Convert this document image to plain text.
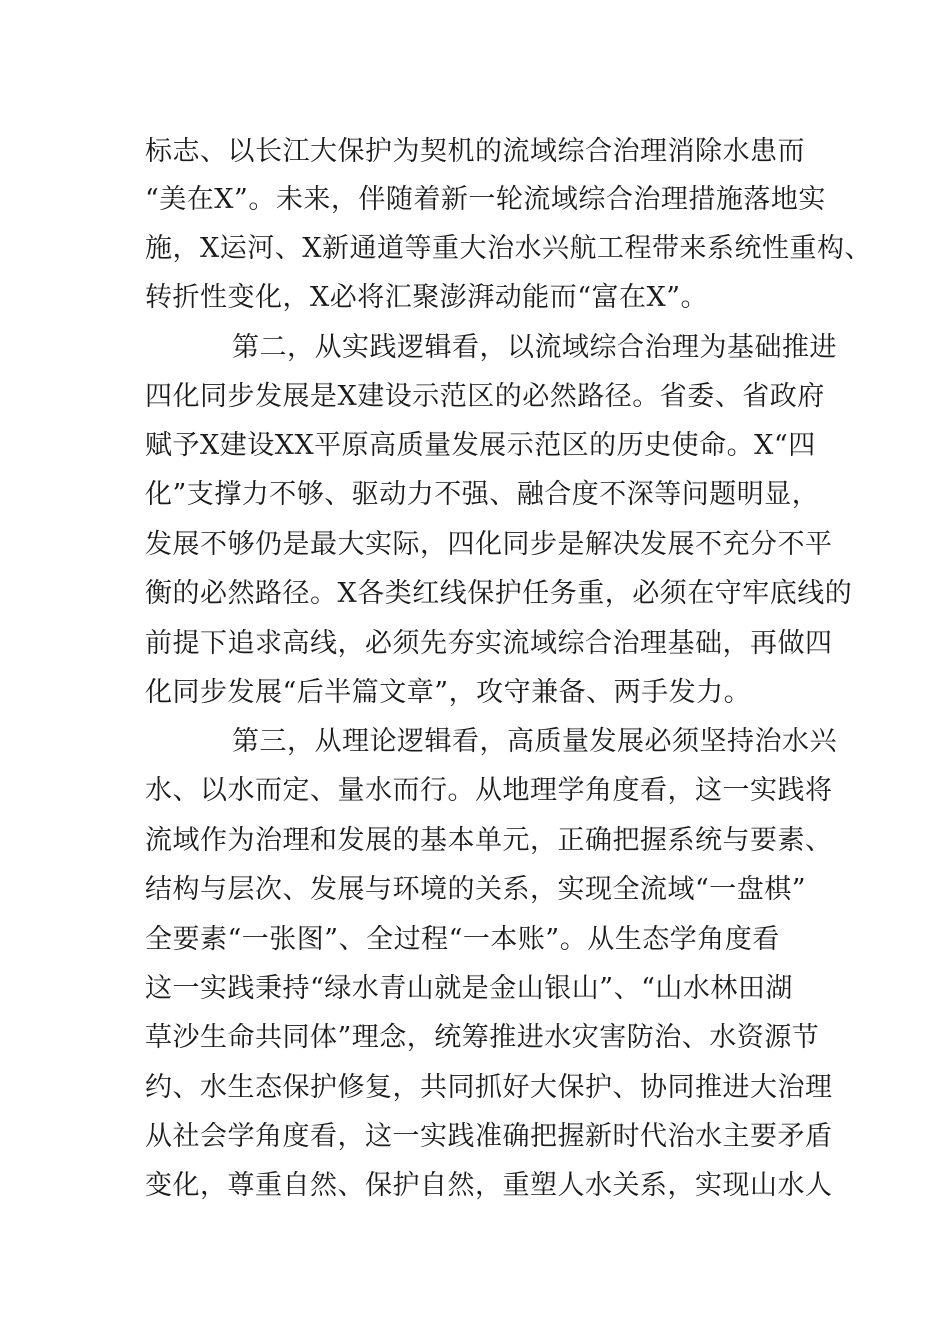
标志、以长江大保护为契机的流域综合治理消除水患而
“美在X”。未来，伴随着新一轮流域综合治理措施落地实
施，X运河、X新通道等重大治水兴航工程带来系统性重构、
转折性变化，X必将汇聚澎湃动能而“富在X”。
第二，从实践逻辑看，以流域综合治理为基础推进
四化同步发展是X建设示范区的必然路径。省委、省政府
赋予X建设XX平原高质量发展示范区的历史使命。X“四
化”支撑力不够、驱动力不强、融合度不深等问题明显，
发展不够仍是最大实际，四化同步是解决发展不充分不平
衡的必然路径。X各类红线保护任务重，必须在守牢底线的
前提下追求高线，必须先夯实流域综合治理基础，再做四
化同步发展“后半篇文章”，攻守兼备、两手发力。
第三，从理论逻辑看，高质量发展必须坚持治水兴
水、以水而定、量水而行。从地理学角度看，这一实践将
流域作为治理和发展的基本单元，正确把握系统与要素、
结构与层次、发展与环境的关系，实现全流域“一盘棋”
全要素“一张图”、全过程“一本账”。从生态学角度看
这一实践秉持“绿水青山就是金山银山”、“山水林田湖
草沙生命共同体”理念，统筹推进水灾害防治、水资源节
约、水生态保护修复，共同抓好大保护、协同推进大治理
从社会学角度看，这一实践准确把握新时代治水主要矛盾
变化，尊重自然、保护自然，重塑人水关系，实现山水人
